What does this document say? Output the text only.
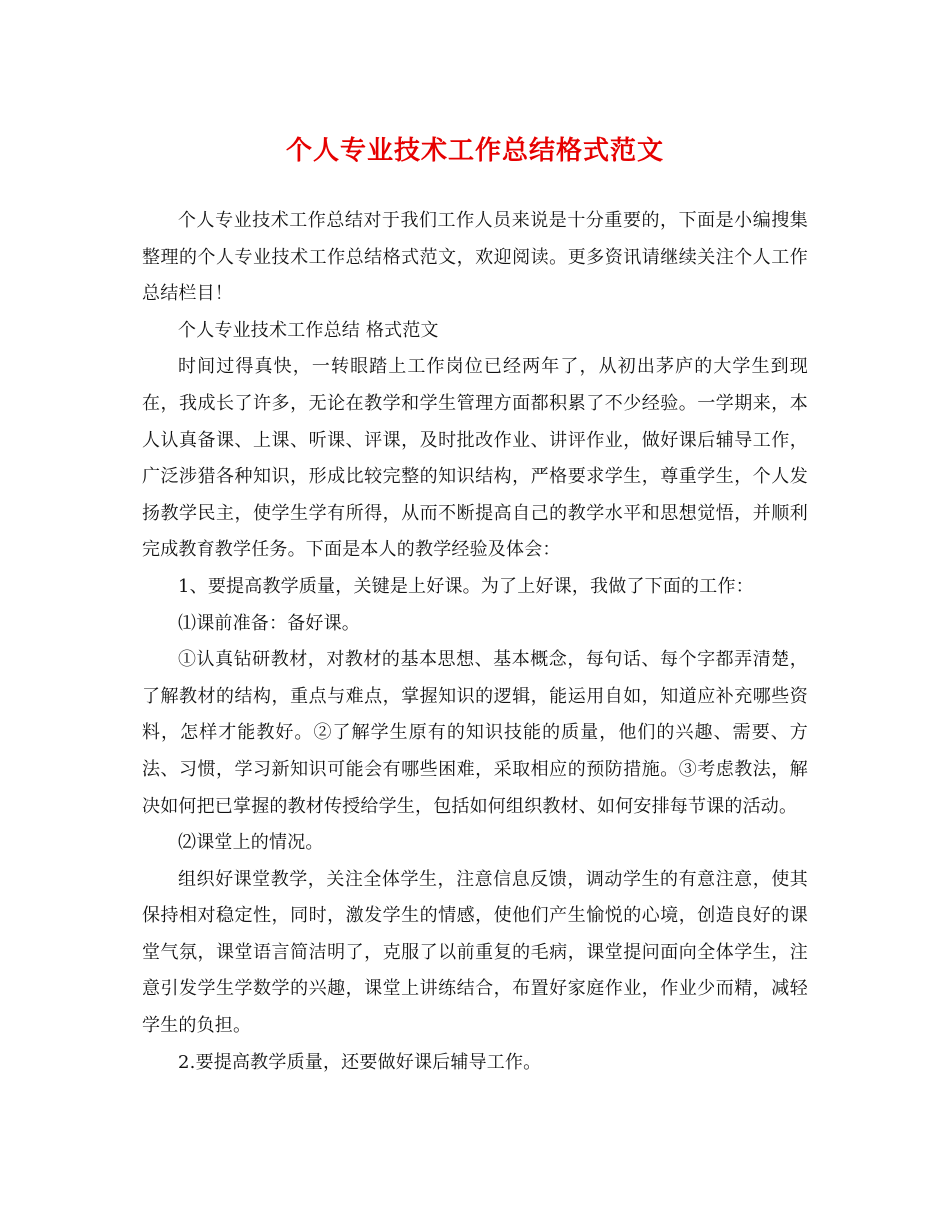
个人专业技术工作总结格式范文

个人专业技术工作总结对于我们工作人员来说是十分重要的，下面是小编搜集整理的个人专业技术工作总结格式范文，欢迎阅读。更多资讯请继续关注个人工作总结栏目！

个人专业技术工作总结 格式范文

时间过得真快，一转眼踏上工作岗位已经两年了，从初出茅庐的大学生到现在，我成长了许多，无论在教学和学生管理方面都积累了不少经验。一学期来，本人认真备课、上课、听课、评课，及时批改作业、讲评作业，做好课后辅导工作，广泛涉猎各种知识，形成比较完整的知识结构，严格要求学生，尊重学生，个人发扬教学民主，使学生学有所得，从而不断提高自己的教学水平和思想觉悟，并顺利完成教育教学任务。下面是本人的教学经验及体会：

1、要提高教学质量，关键是上好课。为了上好课，我做了下面的工作：

⑴课前准备：备好课。

①认真钻研教材，对教材的基本思想、基本概念，每句话、每个字都弄清楚，了解教材的结构，重点与难点，掌握知识的逻辑，能运用自如，知道应补充哪些资料，怎样才能教好。②了解学生原有的知识技能的质量，他们的兴趣、需要、方法、习惯，学习新知识可能会有哪些困难，采取相应的预防措施。③考虑教法，解决如何把已掌握的教材传授给学生，包括如何组织教材、如何安排每节课的活动。

⑵课堂上的情况。

组织好课堂教学，关注全体学生，注意信息反馈，调动学生的有意注意，使其保持相对稳定性，同时，激发学生的情感，使他们产生愉悦的心境，创造良好的课堂气氛，课堂语言简洁明了，克服了以前重复的毛病，课堂提问面向全体学生，注意引发学生学数学的兴趣，课堂上讲练结合，布置好家庭作业，作业少而精，减轻学生的负担。

2.要提高教学质量，还要做好课后辅导工作。
